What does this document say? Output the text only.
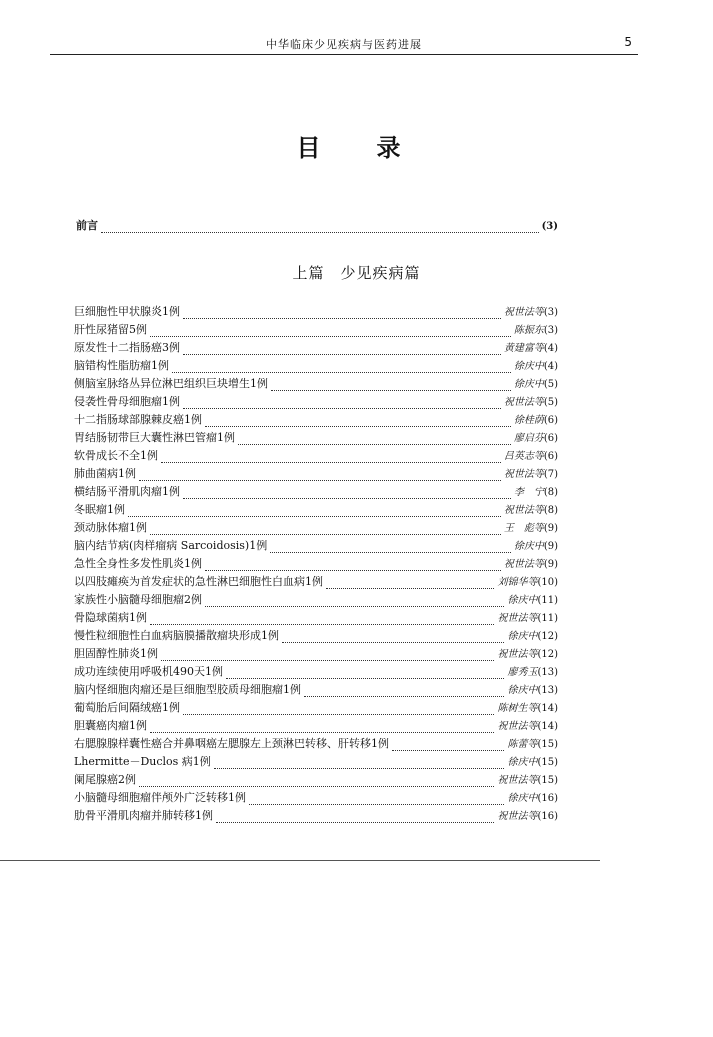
中华临床少见疾病与医药进展	5
目录
前言	(3)
上篇　少见疾病篇
巨细胞性甲状腺炎1例	祝世法等 (3)
肝性尿猪留5例	陈振东 (3)
原发性十二指肠癌3例	黄建富等 (4)
脑错构性脂肪瘤1例	徐庆中 (4)
侧脑室脉络丛异位淋巴组织巨块增生1例	徐庆中 (5)
侵袭性骨母细胞瘤1例	祝世法等 (5)
十二指肠球部腺棘皮癌1例	徐桂荫 (6)
胃结肠韧带巨大囊性淋巴管瘤1例	廖启芬 (6)
软骨成长不全1例	吕英志等 (6)
肺曲菌病1例	祝世法等 (7)
横结肠平滑肌肉瘤1例	李　宁 (8)
冬眠瘤1例	祝世法等 (8)
颈动脉体瘤1例	王　彪等 (9)
脑内结节病(肉样瘤病 Sarcoidosis)1例	徐庆中 (9)
急性全身性多发性肌炎1例	祝世法等 (9)
以四肢瘫痪为首发症状的急性淋巴细胞性白血病1例	刘锦华等 (10)
家族性小脑髓母细胞瘤2例	徐庆中 (11)
骨隐球菌病1例	祝世法等 (11)
慢性粒细胞性白血病脑膜播散瘤块形成1例	徐庆中 (12)
胆固醇性肺炎1例	祝世法等 (12)
成功连续使用呼吸机490天1例	廖秀玉 (13)
脑内怪细胞肉瘤还是巨细胞型胶质母细胞瘤1例	徐庆中 (13)
葡萄胎后间隔绒癌1例	陈树生等 (14)
胆囊癌肉瘤1例	祝世法等 (14)
右腮腺腺样囊性癌合并鼻咽癌左腮腺左上颈淋巴转移、肝转移1例	陈蕾等 (15)
Lhermitte－Duclos 病1例	徐庆中 (15)
阑尾腺癌2例	祝世法等 (15)
小脑髓母细胞瘤伴颅外广泛转移1例	徐庆中 (16)
肋骨平滑肌肉瘤并肺转移1例	祝世法等 (16)
